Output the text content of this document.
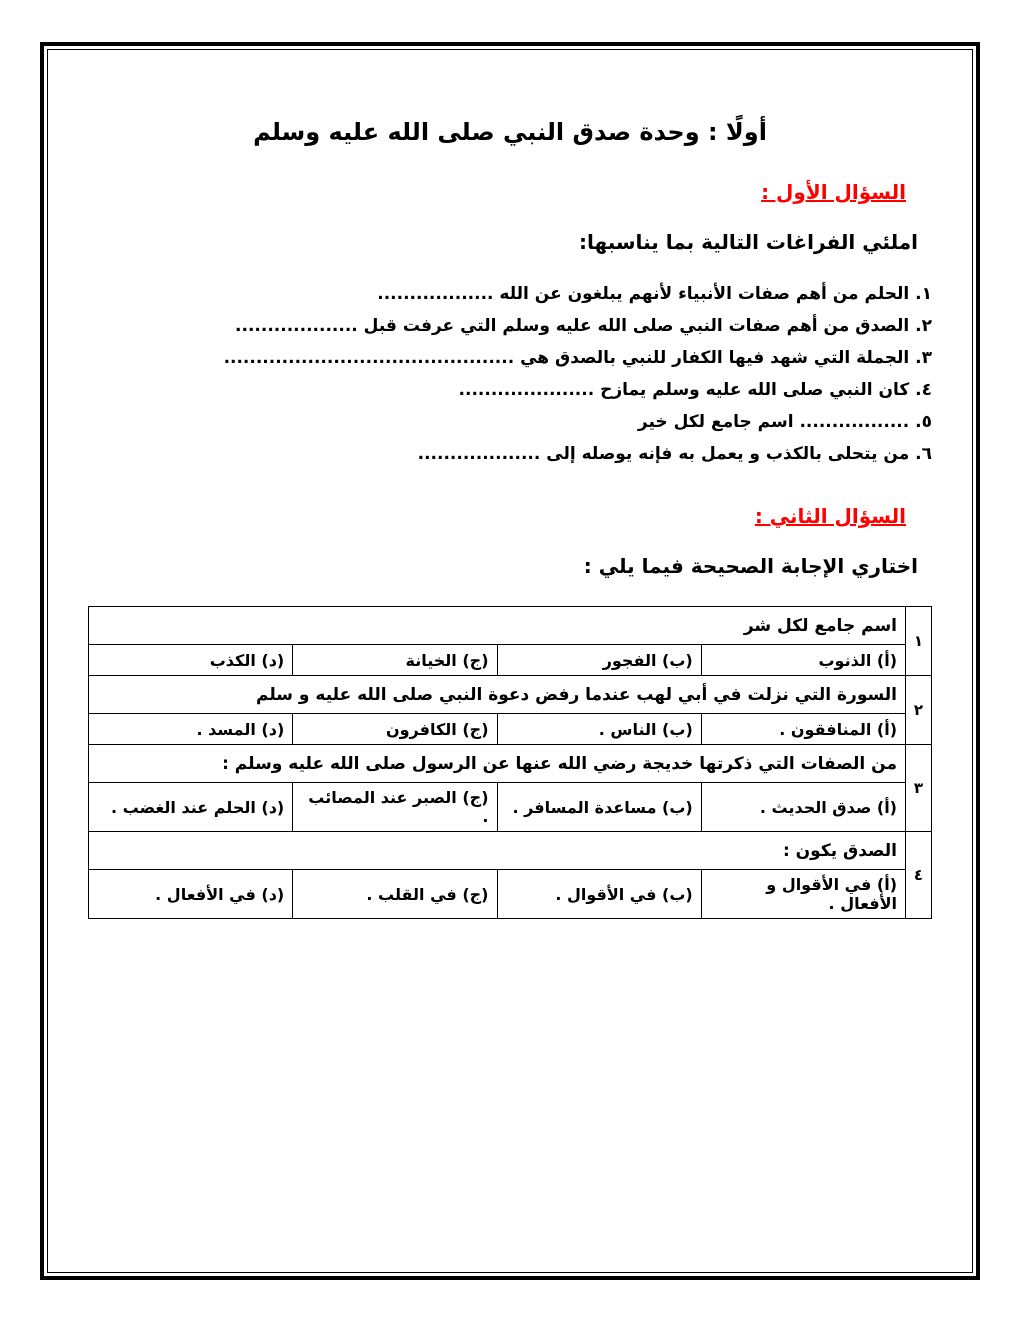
أولًا : وحدة صدق النبي صلى الله عليه وسلم
السؤال الأول :
املئي الفراغات التالية بما يناسبها:
١. الحلم من أهم صفات الأنبياء لأنهم يبلغون عن الله ..................
٢. الصدق من أهم صفات النبي صلى الله عليه وسلم التي عرفت قبل ...................
٣. الجملة التي شهد فيها الكفار للنبي بالصدق هي .............................................
٤. كان النبي صلى الله عليه وسلم يمازح .....................
٥. ................. اسم جامع لكل خير
٦. من يتحلى بالكذب و يعمل به فإنه يوصله إلى ...................
السؤال الثاني :
اختاري الإجابة الصحيحة فيما يلي :
١	اسم جامع لكل شر			
	(أ) الذنوب	(ب) الفجور	(ج) الخيانة	(د) الكذب
٢	السورة التي نزلت في أبي لهب عندما رفض دعوة النبي صلى الله عليه و سلم			
	(أ) المنافقون .	(ب) الناس .	(ج) الكافرون	(د) المسد .
٣	من الصفات التي ذكرتها خديجة رضي الله عنها عن الرسول صلى الله عليه وسلم :			
	(أ) صدق الحديث .	(ب) مساعدة المسافر .	(ج) الصبر عند المصائب .	(د) الحلم عند الغضب .
٤	الصدق يكون :			
	(أ) في الأقوال و الأفعال .	(ب) في الأقوال .	(ج) في القلب .	(د) في الأفعال .
